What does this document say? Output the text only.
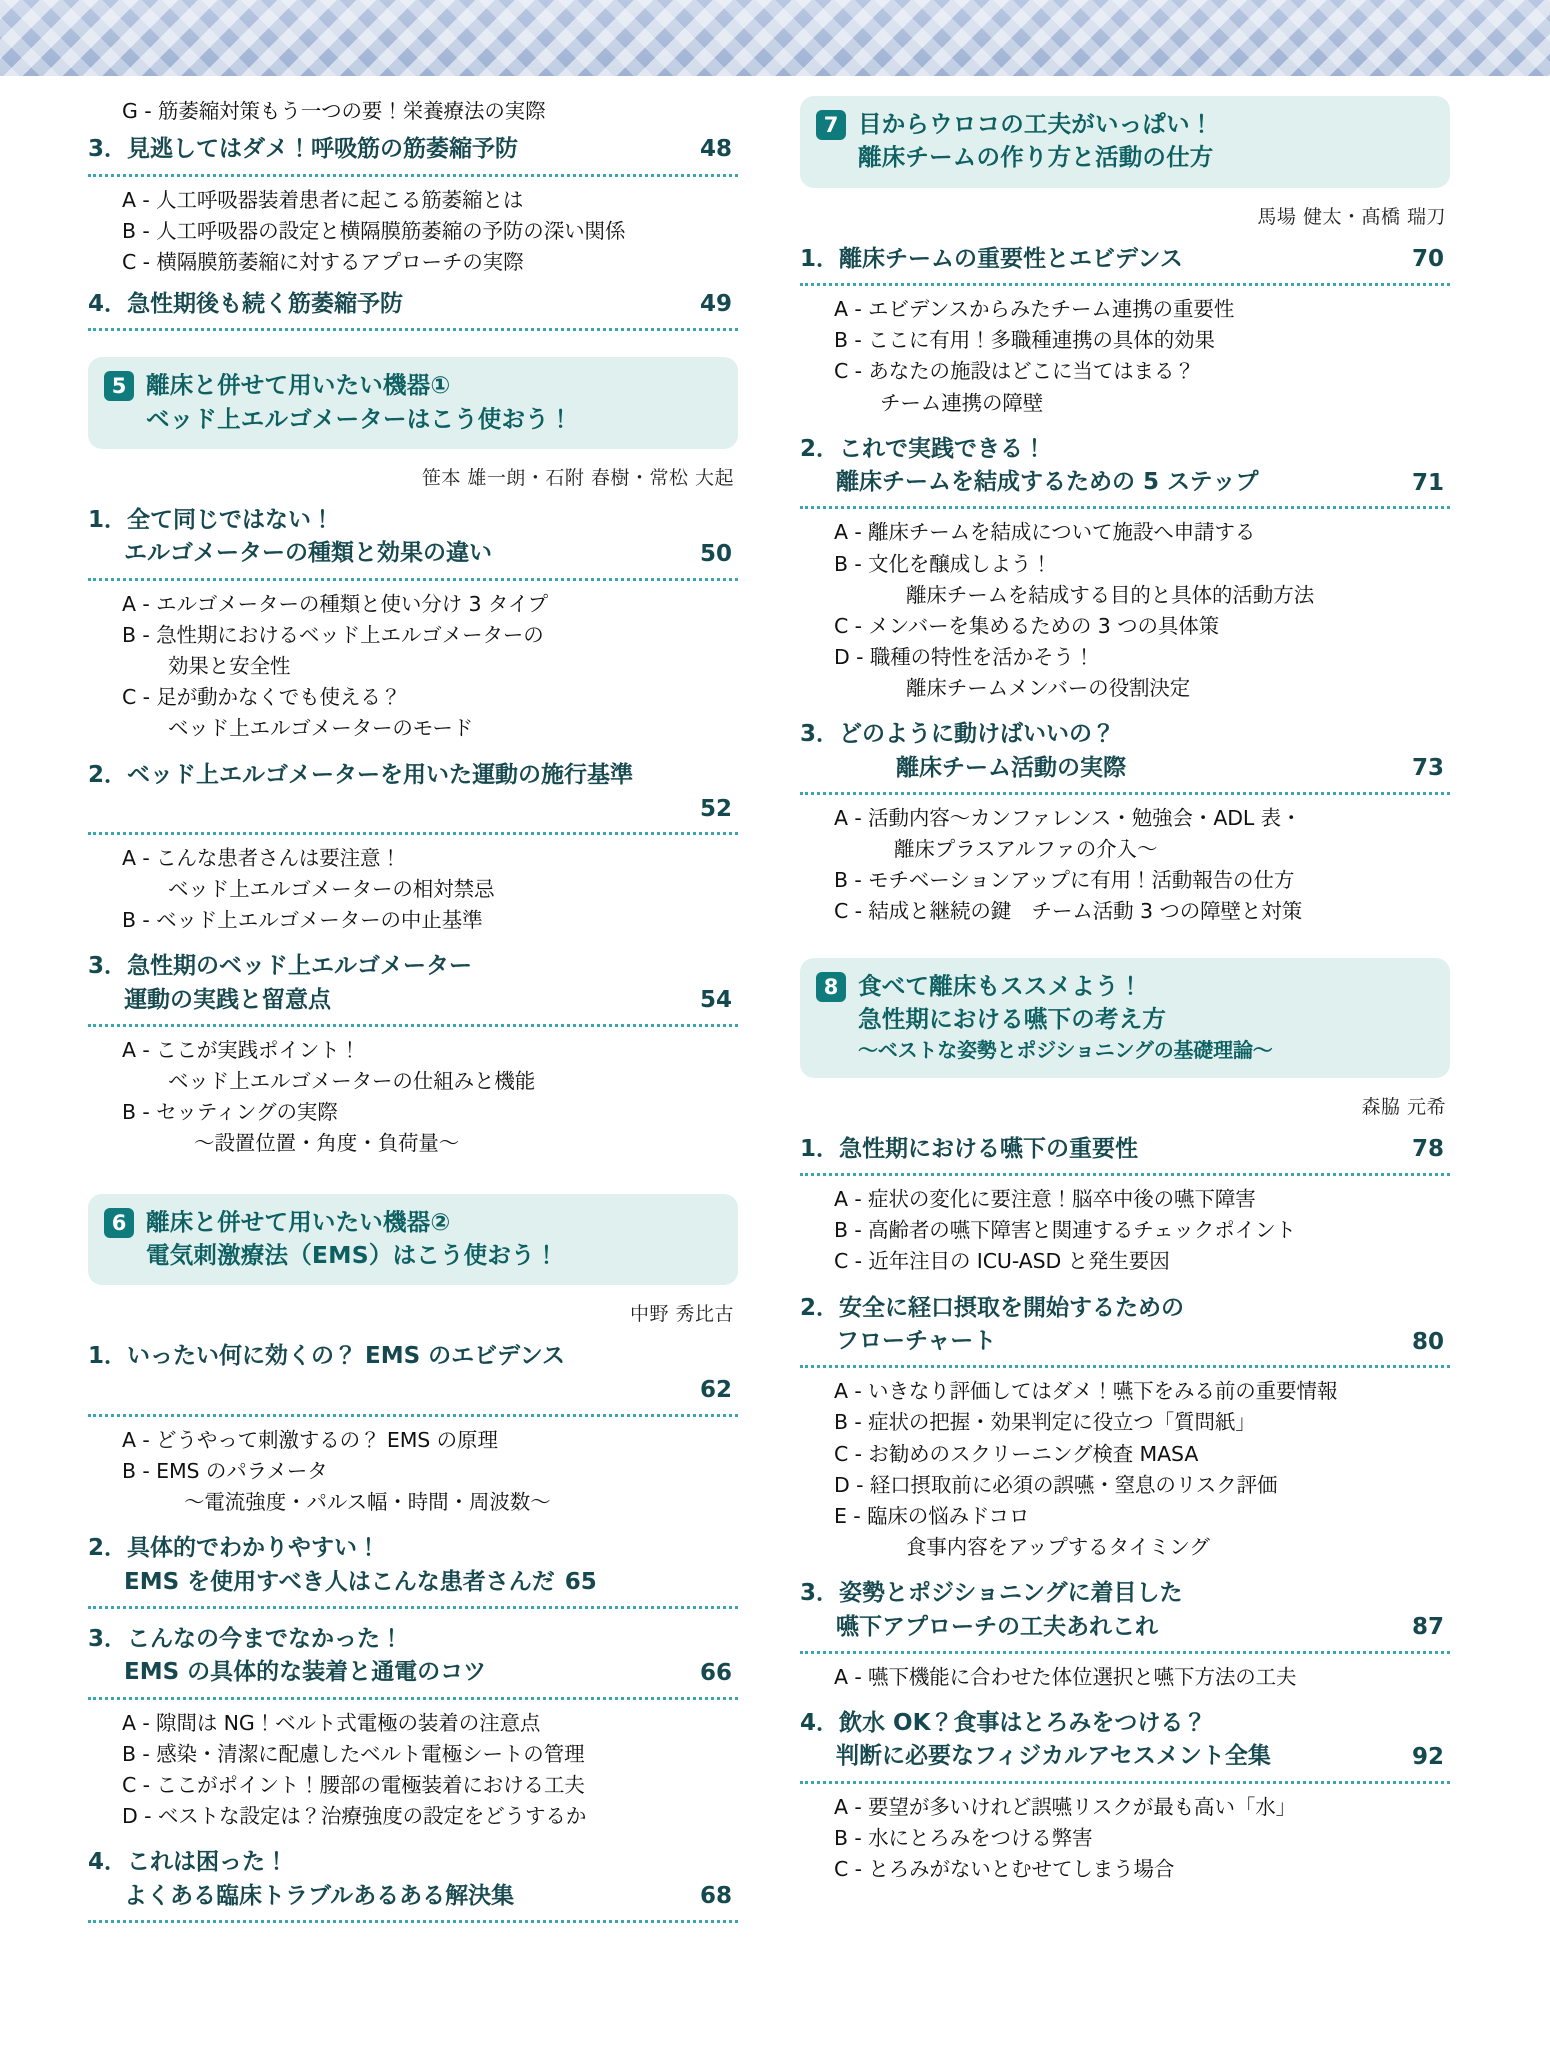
G - 筋萎縮対策もう一つの要！栄養療法の実際
3．見逃してはダメ！呼吸筋の筋萎縮予防	48
A - 人工呼吸器装着患者に起こる筋萎縮とは
B - 人工呼吸器の設定と横隔膜筋萎縮の予防の深い関係
C - 横隔膜筋萎縮に対するアプローチの実際
4．急性期後も続く筋萎縮予防	49
5 離床と併せて用いたい機器①
ベッド上エルゴメーターはこう使おう！
笹本 雄一朗・石附 春樹・常松 大起
1．全て同じではない！
エルゴメーターの種類と効果の違い	50
A - エルゴメーターの種類と使い分け 3 タイプ
B - 急性期におけるベッド上エルゴメーターの
効果と安全性
C - 足が動かなくでも使える？
ベッド上エルゴメーターのモード
2．ベッド上エルゴメーターを用いた運動の施行基準
52
A - こんな患者さんは要注意！
ベッド上エルゴメーターの相対禁忌
B - ベッド上エルゴメーターの中止基準
3．急性期のベッド上エルゴメーター
運動の実践と留意点	54
A - ここが実践ポイント！
ベッド上エルゴメーターの仕組みと機能
B - セッティングの実際
〜設置位置・角度・負荷量〜
6 離床と併せて用いたい機器②
電気刺激療法（EMS）はこう使おう！
中野 秀比古
1．いったい何に効くの？ EMS のエビデンス
62
A - どうやって刺激するの？ EMS の原理
B - EMS のパラメータ
〜電流強度・パルス幅・時間・周波数〜
2．具体的でわかりやすい！
EMS を使用すべき人はこんな患者さんだ 65
3．こんなの今までなかった！
EMS の具体的な装着と通電のコツ	66
A - 隙間は NG！ベルト式電極の装着の注意点
B - 感染・清潔に配慮したベルト電極シートの管理
C - ここがポイント！腰部の電極装着における工夫
D - ベストな設定は？治療強度の設定をどうするか
4．これは困った！
よくある臨床トラブルあるある解決集	68
7 目からウロコの工夫がいっぱい！
離床チームの作り方と活動の仕方
馬場 健太・髙橋 瑞刀
1．離床チームの重要性とエビデンス	70
A - エビデンスからみたチーム連携の重要性
B - ここに有用！多職種連携の具体的効果
C - あなたの施設はどこに当てはまる？
チーム連携の障壁
2．これで実践できる！
離床チームを結成するための 5 ステップ	71
A - 離床チームを結成について施設へ申請する
B - 文化を醸成しよう！
離床チームを結成する目的と具体的活動方法
C - メンバーを集めるための 3 つの具体策
D - 職種の特性を活かそう！
離床チームメンバーの役割決定
3．どのように動けばいいの？
離床チーム活動の実際	73
A - 活動内容〜カンファレンス・勉強会・ADL 表・
離床プラスアルファの介入〜
B - モチベーションアップに有用！活動報告の仕方
C - 結成と継続の鍵　チーム活動 3 つの障壁と対策
8 食べて離床もススメよう！
急性期における嚥下の考え方
〜ベストな姿勢とポジショニングの基礎理論〜
森脇 元希
1．急性期における嚥下の重要性	78
A - 症状の変化に要注意！脳卒中後の嚥下障害
B - 高齢者の嚥下障害と関連するチェックポイント
C - 近年注目の ICU-ASD と発生要因
2．安全に経口摂取を開始するための
フローチャート	80
A - いきなり評価してはダメ！嚥下をみる前の重要情報
B - 症状の把握・効果判定に役立つ「質問紙」
C - お勧めのスクリーニング検査 MASA
D - 経口摂取前に必須の誤嚥・窒息のリスク評価
E - 臨床の悩みドコロ
食事内容をアップするタイミング
3．姿勢とポジショニングに着目した
嚥下アプローチの工夫あれこれ	87
A - 嚥下機能に合わせた体位選択と嚥下方法の工夫
4．飲水 OK？食事はとろみをつける？
判断に必要なフィジカルアセスメント全集	92
A - 要望が多いけれど誤嚥リスクが最も高い「水」
B - 水にとろみをつける弊害
C - とろみがないとむせてしまう場合
